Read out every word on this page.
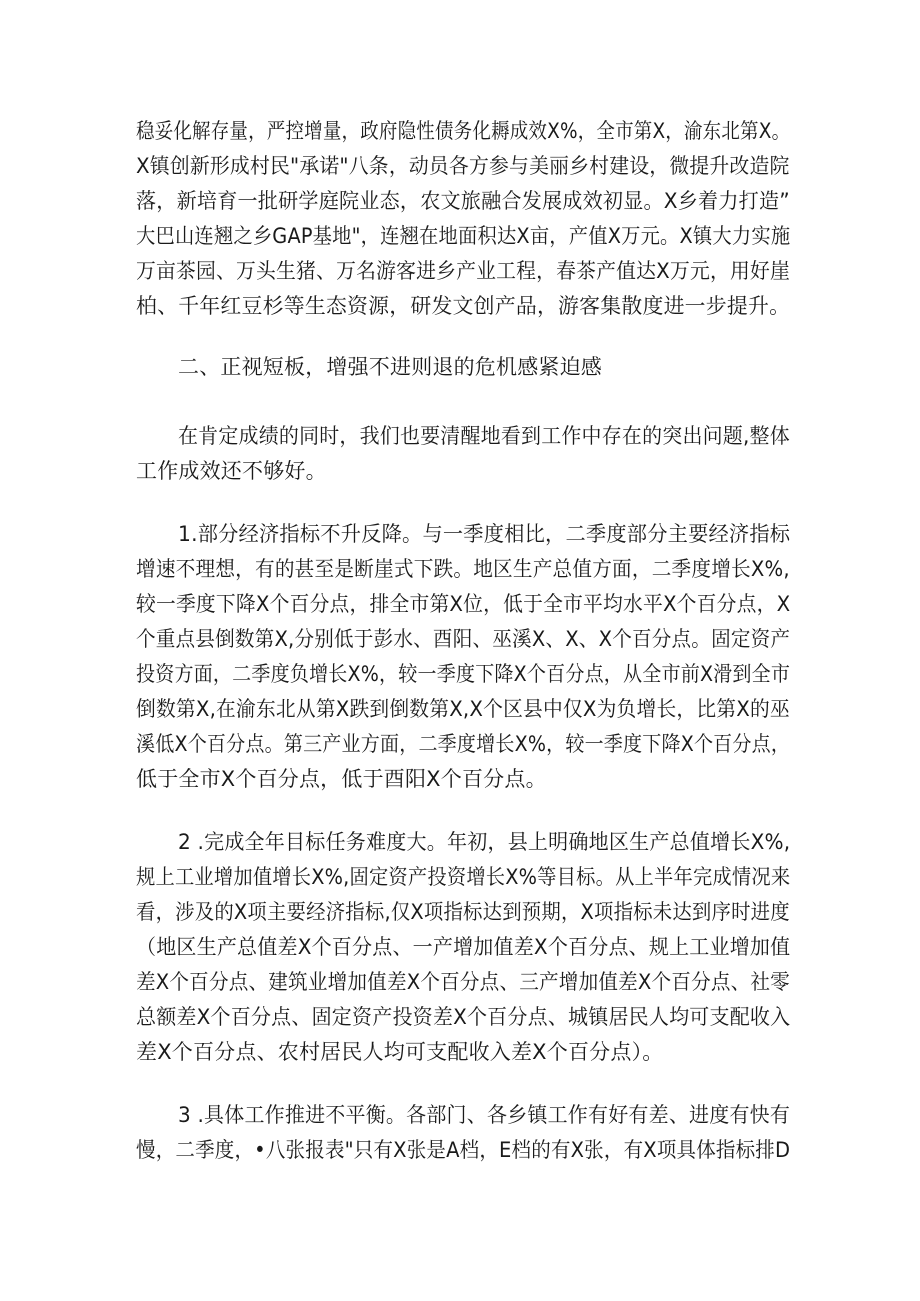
稳妥化解存量，严控增量，政府隐性债务化耨成效X%，全市第X，渝东北第X。
X镇创新形成村民"承诺"八条，动员各方参与美丽乡村建设，微提升改造院
落，新培育一批研学庭院业态，农文旅融合发展成效初显。X乡着力打造”
大巴山连翘之乡GAP基地"，连翘在地面积达X亩，产值X万元。X镇大力实施
万亩茶园、万头生猪、万名游客进乡产业工程，春茶产值达X万元，用好崖
柏、千年红豆杉等生态资源，研发文创产品，游客集散度进一步提升。
二、正视短板，增强不进则退的危机感紧迫感
在肯定成绩的同时，我们也要清醒地看到工作中存在的突出问题,整体
工作成效还不够好。
1.部分经济指标不升反降。与一季度相比，二季度部分主要经济指标
增速不理想，有的甚至是断崖式下跌。地区生产总值方面，二季度增长X%,
较一季度下降X个百分点，排全市第X位，低于全市平均水平X个百分点，X
个重点县倒数第X,分别低于彭水、酉阳、巫溪X、X、X个百分点。固定资产
投资方面，二季度负增长X%，较一季度下降X个百分点，从全市前X滑到全市
倒数第X,在渝东北从第X跌到倒数第X,X个区县中仅X为负增长，比第X的巫
溪低X个百分点。第三产业方面，二季度增长X%，较一季度下降X个百分点，
低于全市X个百分点，低于酉阳X个百分点。
2 .完成全年目标任务难度大。年初，县上明确地区生产总值增长X%,
规上工业增加值增长X%,固定资产投资增长X%等目标。从上半年完成情况来
看，涉及的X项主要经济指标,仅X项指标达到预期，X项指标未达到序时进度
（地区生产总值差X个百分点、一产增加值差X个百分点、规上工业增加值
差X个百分点、建筑业增加值差X个百分点、三产增加值差X个百分点、社零
总额差X个百分点、固定资产投资差X个百分点、城镇居民人均可支配收入
差X个百分点、农村居民人均可支配收入差X个百分点）。
3 .具体工作推进不平衡。各部门、各乡镇工作有好有差、进度有快有
慢，二季度，•八张报表"只有X张是A档，E档的有X张，有X项具体指标排D
